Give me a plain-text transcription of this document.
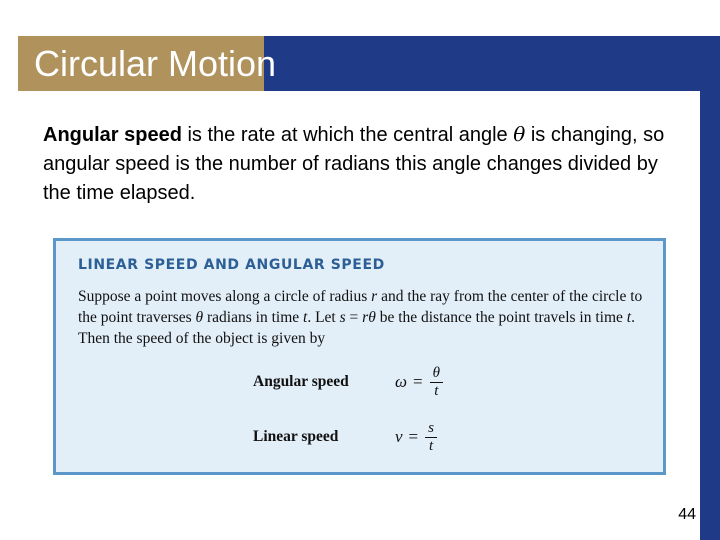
Circular Motion

Angular speed is the rate at which the central angle θ is changing, so angular speed is the number of radians this angle changes divided by the time elapsed.

LINEAR SPEED AND ANGULAR SPEED

Suppose a point moves along a circle of radius r and the ray from the center of the circle to the point traverses θ radians in time t. Let s = rθ be the distance the point travels in time t. Then the speed of the object is given by

Angular speed	$\omega = \frac{\theta}{t}$
Linear speed	$v = \frac{s}{t}$
44
